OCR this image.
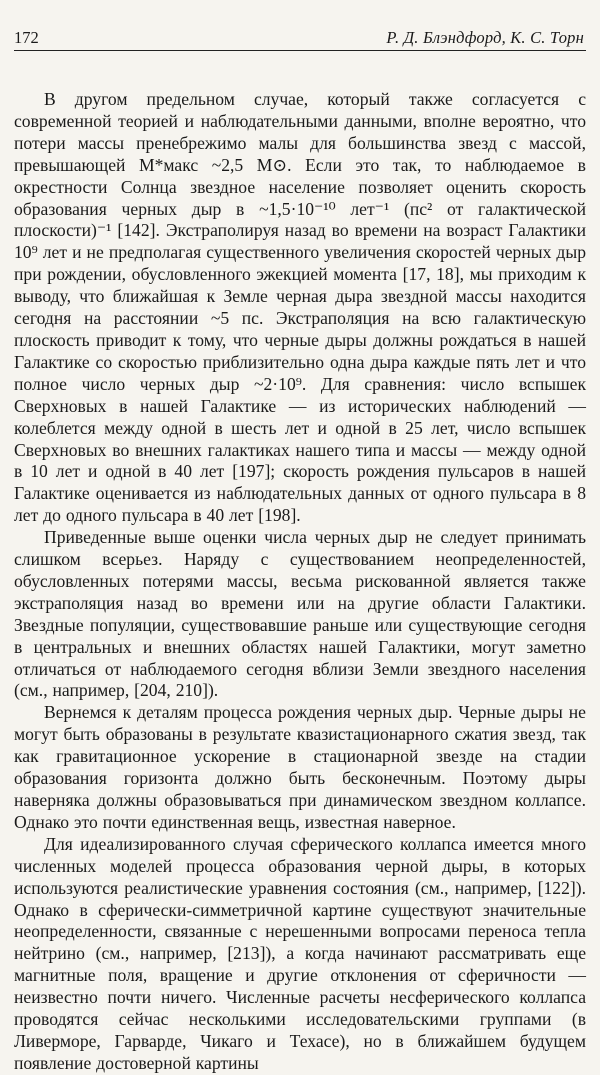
172	Р. Д. Блэндфорд, К. С. Торн

В другом предельном случае, который также согласуется с современной теорией и наблюдательными данными, вполне вероятно, что потери массы пренебрежимо малы для большинства звезд с массой, превышающей M*макс ~2,5 M⊙. Если это так, то наблюдаемое в окрестности Солнца звездное население позволяет оценить скорость образования черных дыр в ~1,5·10⁻¹⁰ лет⁻¹ (пс² от галактической плоскости)⁻¹ [142]. Экстраполируя назад во времени на возраст Галактики 10⁹ лет и не предполагая существенного увеличения скоростей черных дыр при рождении, обусловленного эжекцией момента [17, 18], мы приходим к выводу, что ближайшая к Земле черная дыра звездной массы находится сегодня на расстоянии ~5 пс. Экстраполяция на всю галактическую плоскость приводит к тому, что черные дыры должны рождаться в нашей Галактике со скоростью приблизительно одна дыра каждые пять лет и что полное число черных дыр ~2·10⁹. Для сравнения: число вспышек Сверхновых в нашей Галактике — из исторических наблюдений — колеблется между одной в шесть лет и одной в 25 лет, число вспышек Сверхновых во внешних галактиках нашего типа и массы — между одной в 10 лет и одной в 40 лет [197]; скорость рождения пульсаров в нашей Галактике оценивается из наблюдательных данных от одного пульсара в 8 лет до одного пульсара в 40 лет [198].

Приведенные выше оценки числа черных дыр не следует принимать слишком всерьез. Наряду с существованием неопределенностей, обусловленных потерями массы, весьма рискованной является также экстраполяция назад во времени или на другие области Галактики. Звездные популяции, существовавшие раньше или существующие сегодня в центральных и внешних областях нашей Галактики, могут заметно отличаться от наблюдаемого сегодня вблизи Земли звездного населения (см., например, [204, 210]).

Вернемся к деталям процесса рождения черных дыр. Черные дыры не могут быть образованы в результате квазистационарного сжатия звезд, так как гравитационное ускорение в стационарной звезде на стадии образования горизонта должно быть бесконечным. Поэтому дыры наверняка должны образовываться при динамическом звездном коллапсе. Однако это почти единственная вещь, известная наверное.

Для идеализированного случая сферического коллапса имеется много численных моделей процесса образования черной дыры, в которых используются реалистические уравнения состояния (см., например, [122]). Однако в сферически-симметричной картине существуют значительные неопределенности, связанные с нерешенными вопросами переноса тепла нейтрино (см., например, [213]), а когда начинают рассматривать еще магнитные поля, вращение и другие отклонения от сферичности — неизвестно почти ничего. Численные расчеты несферического коллапса проводятся сейчас несколькими исследовательскими группами (в Ливерморе, Гарварде, Чикаго и Техасе), но в ближайшем будущем появление достоверной картины
